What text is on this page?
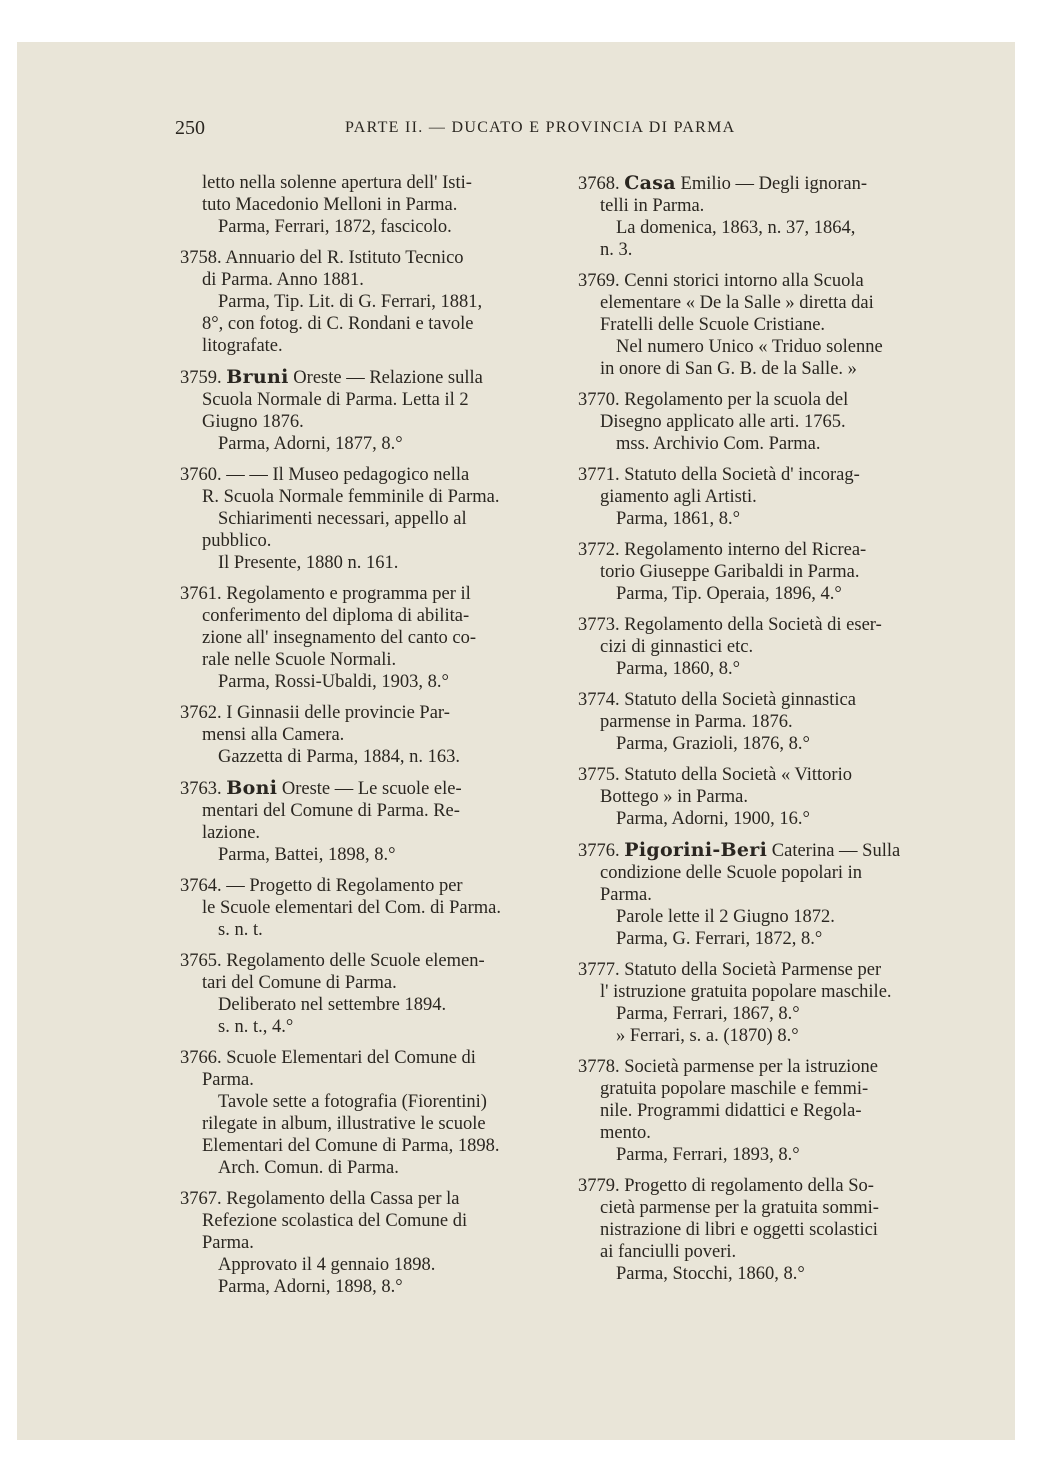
250	PARTE II. — DUCATO E PROVINCIA DI PARMA
letto nella solenne apertura dell' Isti-
tuto Macedonio Melloni in Parma.
Parma, Ferrari, 1872, fascicolo.
3758. Annuario del R. Istituto Tecnico
di Parma. Anno 1881.
Parma, Tip. Lit. di G. Ferrari, 1881,
8°, con fotog. di C. Rondani e tavole
litografate.
3759. Bruni Oreste — Relazione sulla
Scuola Normale di Parma. Letta il 2
Giugno 1876.
Parma, Adorni, 1877, 8.°
3760. — — Il Museo pedagogico nella
R. Scuola Normale femminile di Parma.
Schiarimenti necessari, appello al
pubblico.
Il Presente, 1880 n. 161.
3761. Regolamento e programma per il
conferimento del diploma di abilita-
zione all' insegnamento del canto co-
rale nelle Scuole Normali.
Parma, Rossi-Ubaldi, 1903, 8.°
3762. I Ginnasii delle provincie Par-
mensi alla Camera.
Gazzetta di Parma, 1884, n. 163.
3763. Boni Oreste — Le scuole ele-
mentari del Comune di Parma. Re-
lazione.
Parma, Battei, 1898, 8.°
3764. — Progetto di Regolamento per
le Scuole elementari del Com. di Parma.
s. n. t.
3765. Regolamento delle Scuole elemen-
tari del Comune di Parma.
Deliberato nel settembre 1894.
s. n. t., 4.°
3766. Scuole Elementari del Comune di
Parma.
Tavole sette a fotografia (Fiorentini)
rilegate in album, illustrative le scuole
Elementari del Comune di Parma, 1898.
Arch. Comun. di Parma.
3767. Regolamento della Cassa per la
Refezione scolastica del Comune di
Parma.
Approvato il 4 gennaio 1898.
Parma, Adorni, 1898, 8.°
3768. Casa Emilio — Degli ignoran-
telli in Parma.
La domenica, 1863, n. 37, 1864,
n. 3.
3769. Cenni storici intorno alla Scuola
elementare « De la Salle » diretta dai
Fratelli delle Scuole Cristiane.
Nel numero Unico « Triduo solenne
in onore di San G. B. de la Salle. »
3770. Regolamento per la scuola del
Disegno applicato alle arti. 1765.
mss. Archivio Com. Parma.
3771. Statuto della Società d' incorag-
giamento agli Artisti.
Parma, 1861, 8.°
3772. Regolamento interno del Ricrea-
torio Giuseppe Garibaldi in Parma.
Parma, Tip. Operaia, 1896, 4.°
3773. Regolamento della Società di eser-
cizi di ginnastici etc.
Parma, 1860, 8.°
3774. Statuto della Società ginnastica
parmense in Parma. 1876.
Parma, Grazioli, 1876, 8.°
3775. Statuto della Società « Vittorio
Bottego » in Parma.
Parma, Adorni, 1900, 16.°
3776. Pigorini-Beri Caterina — Sulla
condizione delle Scuole popolari in
Parma.
Parole lette il 2 Giugno 1872.
Parma, G. Ferrari, 1872, 8.°
3777. Statuto della Società Parmense per
l' istruzione gratuita popolare maschile.
Parma, Ferrari, 1867, 8.°
» Ferrari, s. a. (1870) 8.°
3778. Società parmense per la istruzione
gratuita popolare maschile e femmi-
nile. Programmi didattici e Regola-
mento.
Parma, Ferrari, 1893, 8.°
3779. Progetto di regolamento della So-
cietà parmense per la gratuita sommi-
nistrazione di libri e oggetti scolastici
ai fanciulli poveri.
Parma, Stocchi, 1860, 8.°
